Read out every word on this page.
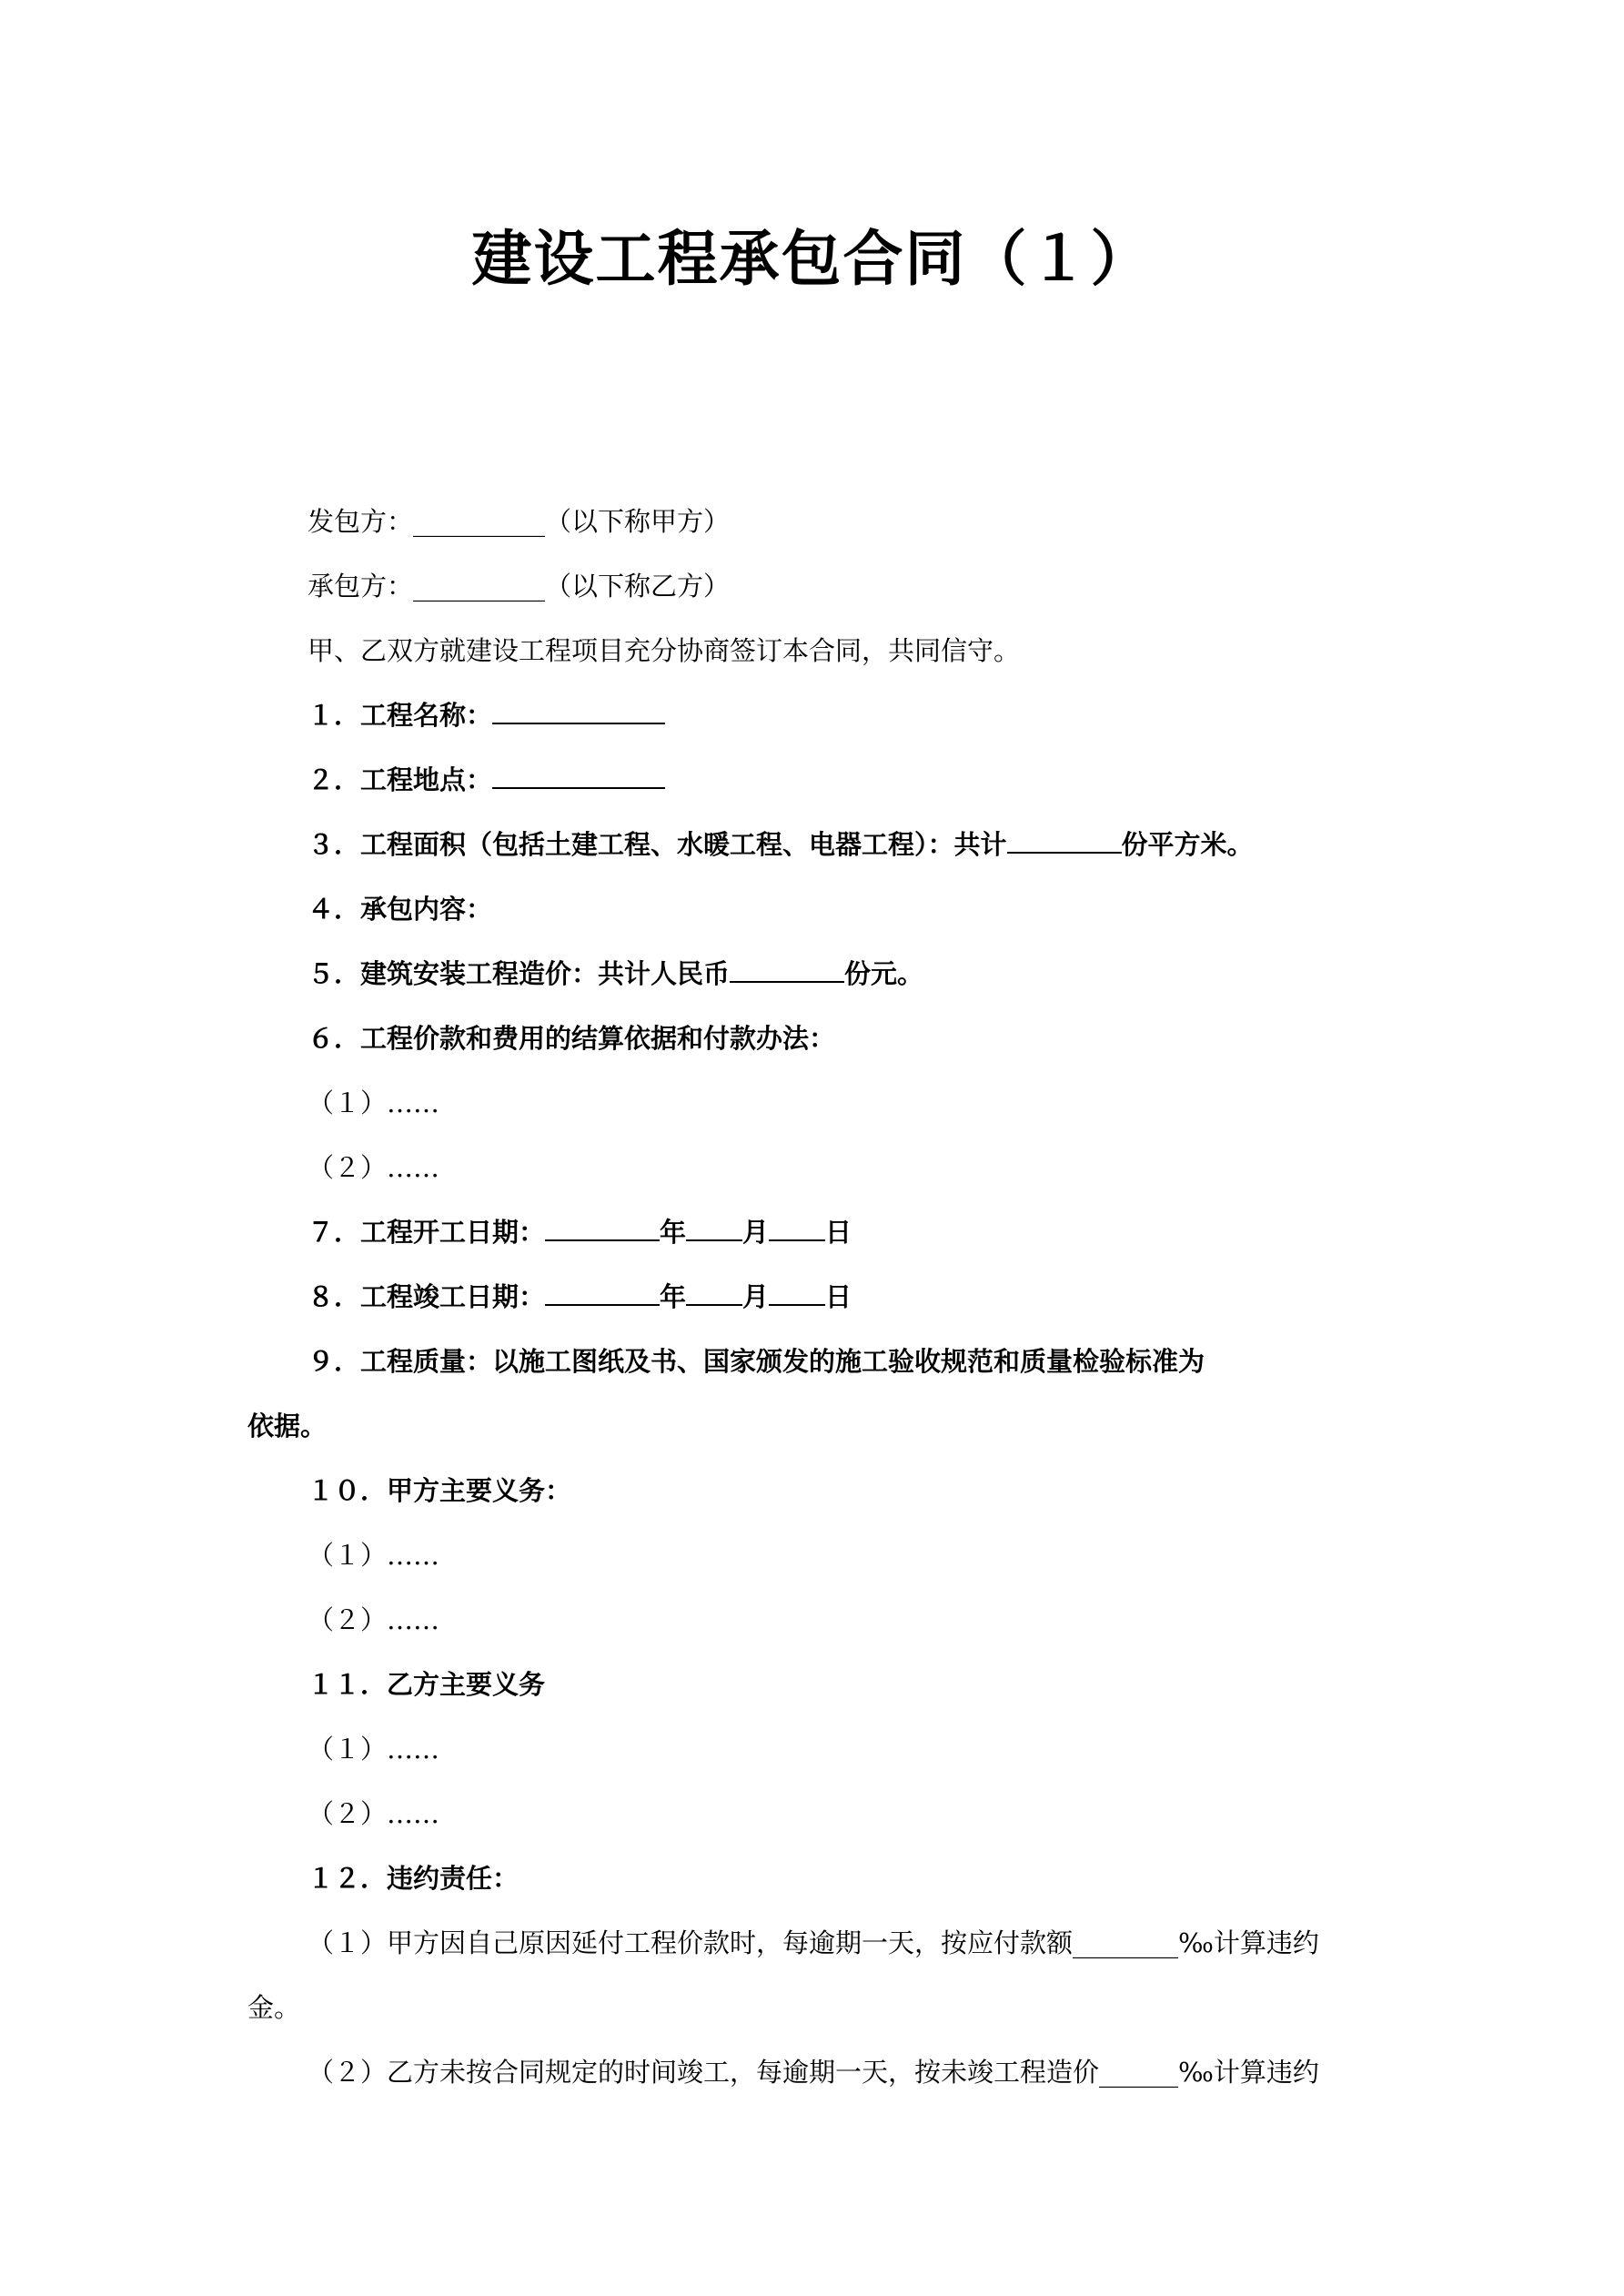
建设工程承包合同（１）
发包方：__________（以下称甲方）
承包方：__________（以下称乙方）
甲、乙双方就建设工程项目充分协商签订本合同，共同信守。
１．工程名称：
２．工程地点：
３．工程面积（包括土建工程、水暖工程、电器工程）：共计	份平方米。
４．承包内容：
５．建筑安装工程造价：共计人民币	份元。
６．工程价款和费用的结算依据和付款办法：
（１）……
（２）……
７．工程开工日期：	年 月 日
８．工程竣工日期：	年 月 日
９．工程质量：以施工图纸及书、国家颁发的施工验收规范和质量检验标准为
依据。
１０．甲方主要义务：
（１）……
（２）……
１１．乙方主要义务
（１）……
（２）……
１２．违约责任：
（１）甲方因自己原因延付工程价款时，每逾期一天，按应付款额________‰计算违约
金。
（２）乙方未按合同规定的时间竣工，每逾期一天，按未竣工程造价______‰计算违约
